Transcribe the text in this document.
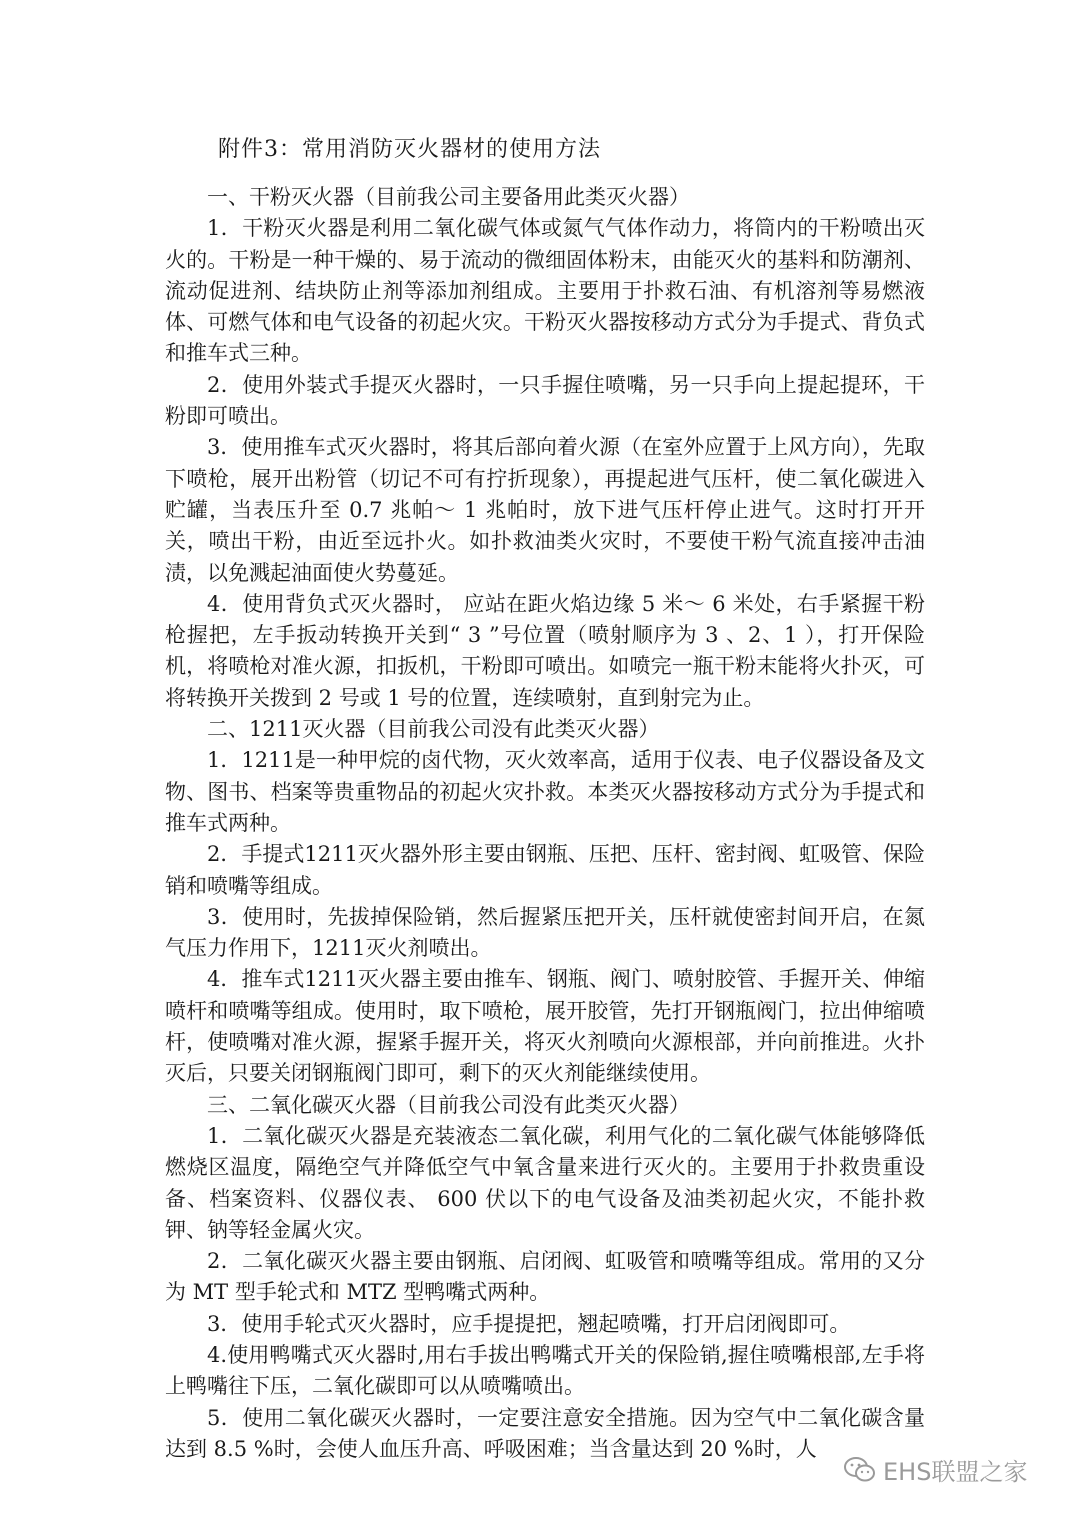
附件3：常用消防灭火器材的使用方法

一、干粉灭火器（目前我公司主要备用此类灭火器）

1．干粉灭火器是利用二氧化碳气体或氮气气体作动力，将筒内的干粉喷出灭火的。干粉是一种干燥的、易于流动的微细固体粉末，由能灭火的基料和防潮剂、流动促进剂、结块防止剂等添加剂组成。主要用于扑救石油、有机溶剂等易燃液体、可燃气体和电气设备的初起火灾。干粉灭火器按移动方式分为手提式、背负式和推车式三种。

2．使用外装式手提灭火器时，一只手握住喷嘴，另一只手向上提起提环，干粉即可喷出。

3．使用推车式灭火器时，将其后部向着火源（在室外应置于上风方向），先取下喷枪，展开出粉管（切记不可有拧折现象），再提起进气压杆，使二氧化碳进入贮罐，当表压升至 0.7 兆帕～ 1 兆帕时，放下进气压杆停止进气。这时打开开关，喷出干粉，由近至远扑火。如扑救油类火灾时，不要使干粉气流直接冲击油渍，以免溅起油面使火势蔓延。

4．使用背负式灭火器时， 应站在距火焰边缘 5 米～ 6 米处，右手紧握干粉枪握把，左手扳动转换开关到“ 3 ”号位置（喷射顺序为 3 、2、1 ），打开保险机，将喷枪对准火源，扣扳机，干粉即可喷出。如喷完一瓶干粉末能将火扑灭，可将转换开关拨到 2 号或 1 号的位置，连续喷射，直到射完为止。

二、1211灭火器（目前我公司没有此类灭火器）

1．1211是一种甲烷的卤代物，灭火效率高，适用于仪表、电子仪器设备及文物、图书、档案等贵重物品的初起火灾扑救。本类灭火器按移动方式分为手提式和推车式两种。

2．手提式1211灭火器外形主要由钢瓶、压把、压杆、密封阀、虹吸管、保险销和喷嘴等组成。

3．使用时，先拔掉保险销，然后握紧压把开关，压杆就使密封间开启，在氮气压力作用下，1211灭火剂喷出。

4．推车式1211灭火器主要由推车、钢瓶、阀门、喷射胶管、手握开关、伸缩喷杆和喷嘴等组成。使用时，取下喷枪，展开胶管，先打开钢瓶阀门，拉出伸缩喷杆，使喷嘴对准火源，握紧手握开关，将灭火剂喷向火源根部，并向前推进。火扑灭后，只要关闭钢瓶阀门即可，剩下的灭火剂能继续使用。

三、二氧化碳灭火器（目前我公司没有此类灭火器）

1．二氧化碳灭火器是充装液态二氧化碳，利用气化的二氧化碳气体能够降低燃烧区温度，隔绝空气并降低空气中氧含量来进行灭火的。主要用于扑救贵重设备、档案资料、仪器仪表、 600 伏以下的电气设备及油类初起火灾，不能扑救钾、钠等轻金属火灾。

2．二氧化碳灭火器主要由钢瓶、启闭阀、虹吸管和喷嘴等组成。常用的又分为 MT 型手轮式和 MTZ 型鸭嘴式两种。

3．使用手轮式灭火器时，应手提提把，翘起喷嘴，打开启闭阀即可。

4.使用鸭嘴式灭火器时,用右手拔出鸭嘴式开关的保险销,握住喷嘴根部,左手将上鸭嘴往下压，二氧化碳即可以从喷嘴喷出。

5．使用二氧化碳灭火器时，一定要注意安全措施。因为空气中二氧化碳含量达到 8.5 %时，会使人血压升高、呼吸困难；当含量达到 20 %时，人

EHS联盟之家
